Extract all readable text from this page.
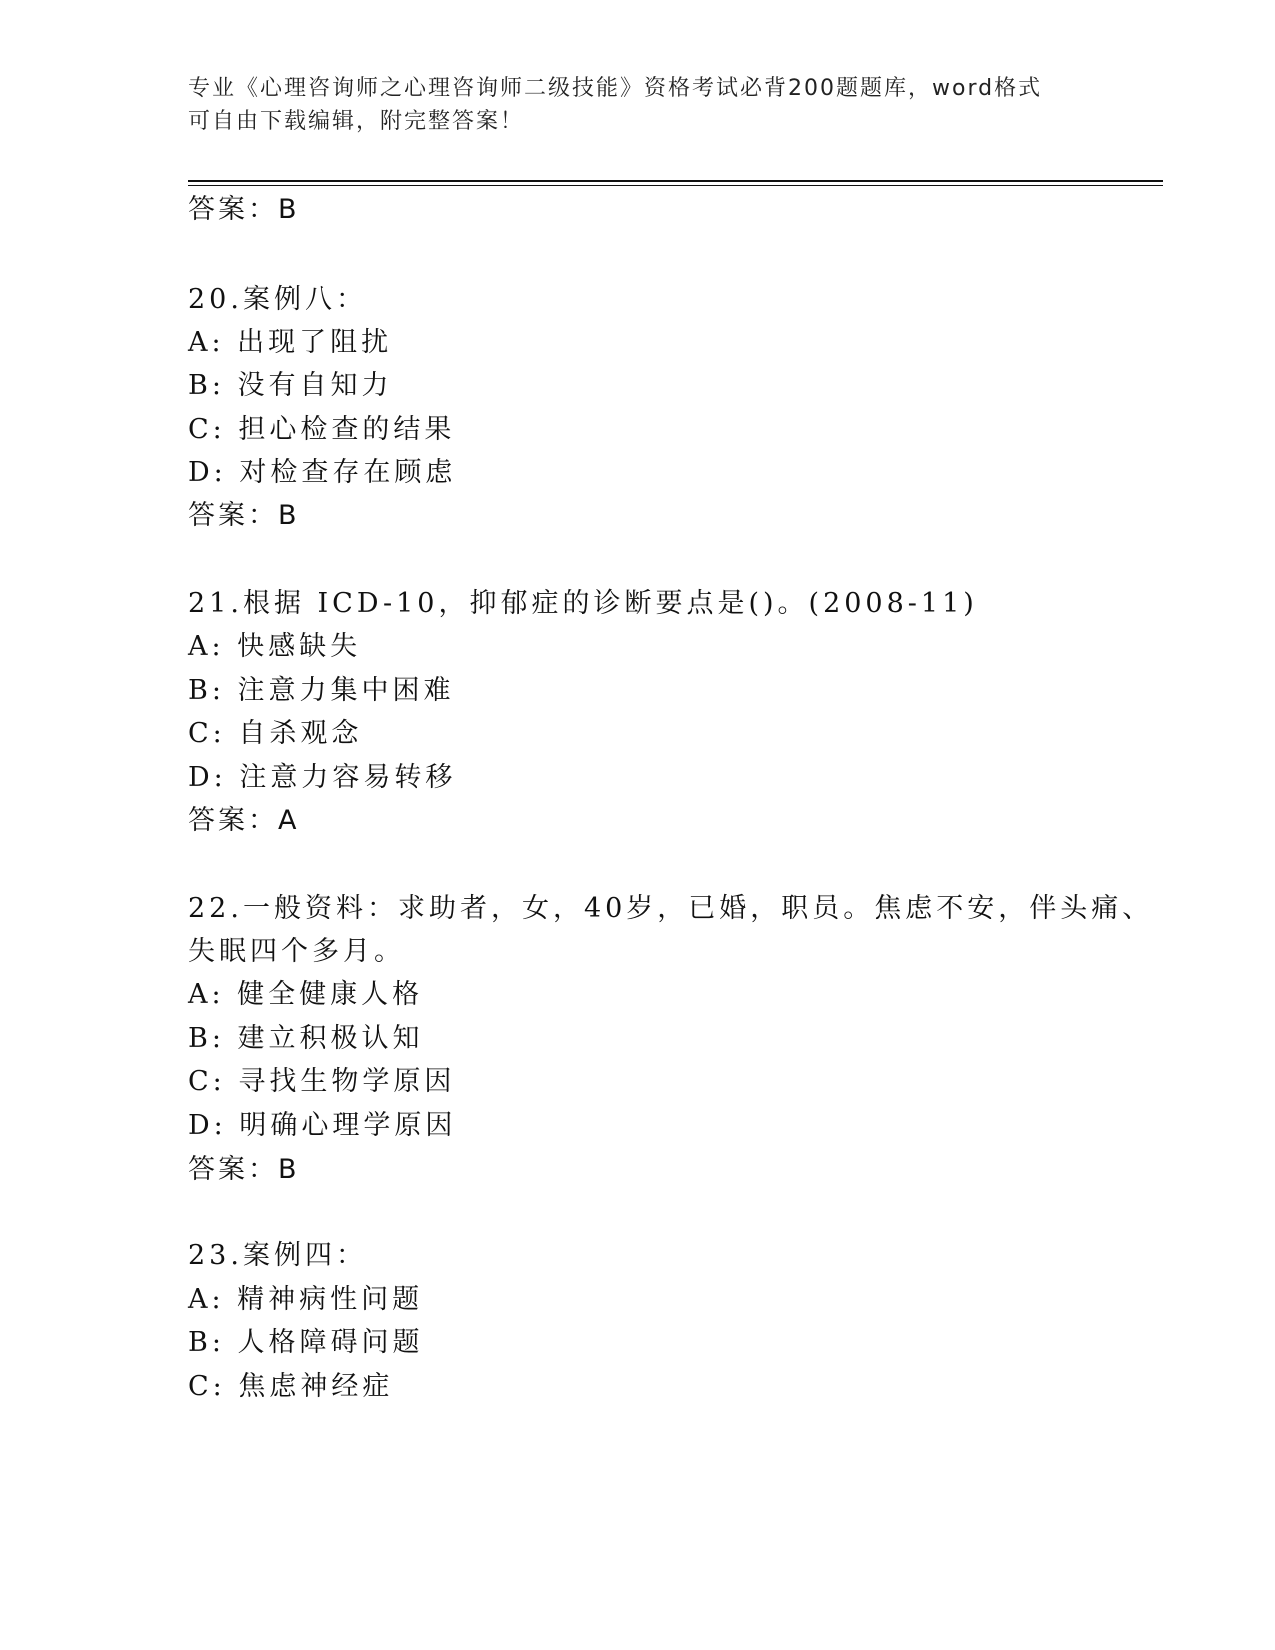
专业《心理咨询师之心理咨询师二级技能》资格考试必背200题题库，word格式
可自由下载编辑，附完整答案！
答案：B
20.案例八：
A: 出现了阻扰
B: 没有自知力
C: 担心检查的结果
D: 对检查存在顾虑
答案：B
21.根据 ICD-10，抑郁症的诊断要点是()。(2008-11)
A: 快感缺失
B: 注意力集中困难
C: 自杀观念
D: 注意力容易转移
答案：A
22.一般资料：求助者，女，40岁，已婚，职员。焦虑不安，伴头痛、
失眠四个多月。
A: 健全健康人格
B: 建立积极认知
C: 寻找生物学原因
D: 明确心理学原因
答案：B
23.案例四：
A: 精神病性问题
B: 人格障碍问题
C: 焦虑神经症
